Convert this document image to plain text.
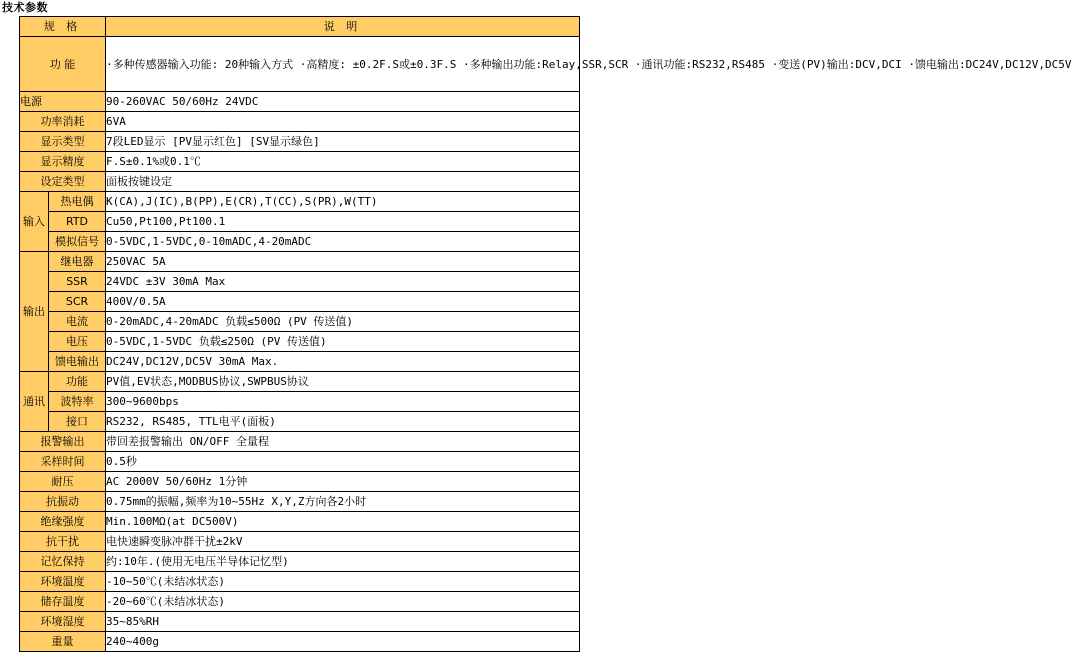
技术参数
规 格		说 明
功 能		·多种传感器输入功能: 20种输入方式 ·高精度: ±0.2F.S或±0.3F.S ·多种输出功能:Relay,SSR,SCR ·通讯功能:RS232,RS485 ·变送(PV)输出:DCV,DCI ·馈电输出:DC24V,DC12V,DC5V
电源		90-260VAC 50/60Hz 24VDC
功率消耗		6VA
显示类型		7段LED显示 [PV显示红色] [SV显示绿色]
显示精度		F.S±0.1%或0.1℃
设定类型		面板按键设定
输入	热电偶	K(CA),J(IC),B(PP),E(CR),T(CC),S(PR),W(TT)
	RTD	Cu50,Pt100,Pt100.1
	模拟信号	0-5VDC,1-5VDC,0-10mADC,4-20mADC
输出	继电器	250VAC 5A
	SSR	24VDC ±3V 30mA Max
	SCR	400V/0.5A
	电流	0-20mADC,4-20mADC 负载≤500Ω (PV 传送值)
	电压	0-5VDC,1-5VDC 负载≤250Ω (PV 传送值)
	馈电输出	DC24V,DC12V,DC5V 30mA Max.
通讯	功能	PV值,EV状态,MODBUS协议,SWPBUS协议
	波特率	300~9600bps
	接口	RS232, RS485, TTL电平(面板)
报警输出		带回差报警输出 ON/OFF 全量程
采样时间		0.5秒
耐压		AC 2000V 50/60Hz 1分钟
抗振动		0.75mm的振幅,频率为10~55Hz X,Y,Z方向各2小时
绝缘强度		Min.100MΩ(at DC500V)
抗干扰		电快速瞬变脉冲群干扰±2kV
记忆保持		约:10年.(使用无电压半导体记忆型)
环境温度		-10~50℃(未结冰状态)
储存温度		-20~60℃(未结冰状态)
环境湿度		35~85%RH
重量		240~400g
